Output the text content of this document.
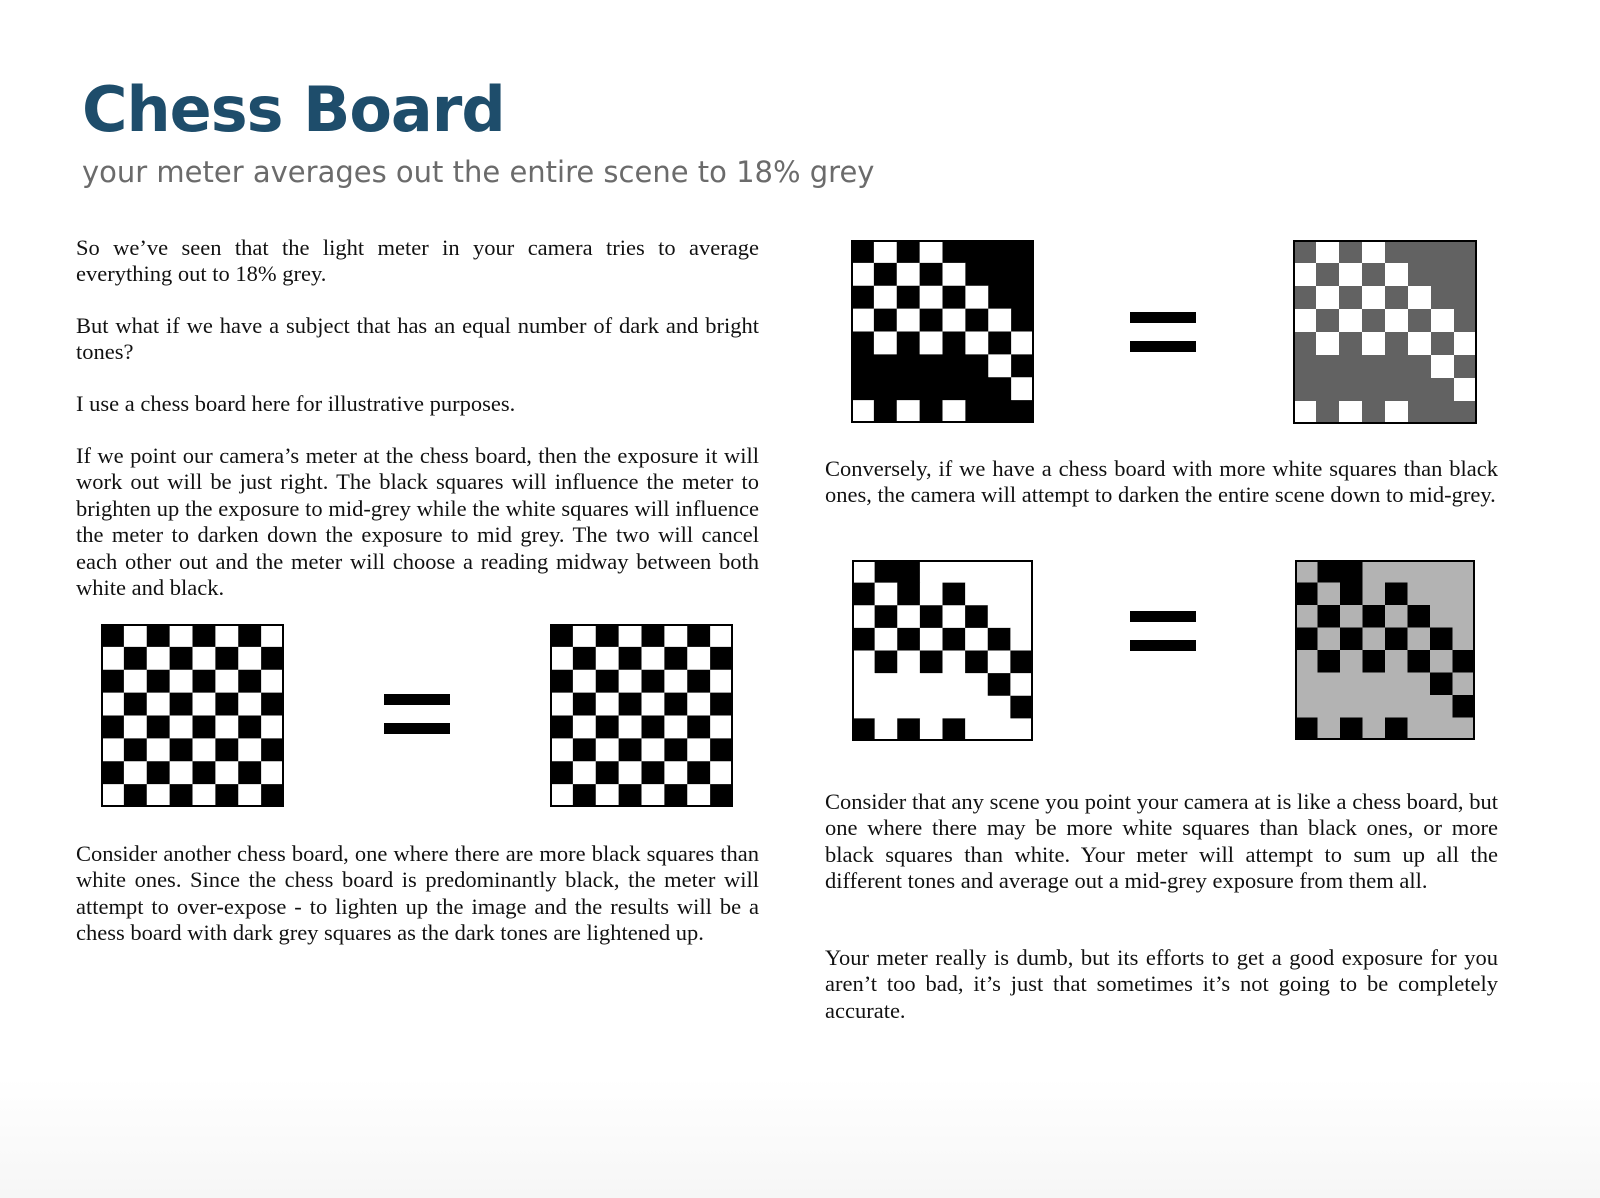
Chess Board

your meter averages out the entire scene to 18% grey

So we’ve seen that the light meter in your camera tries to average everything out to 18% grey.

But what if we have a subject that has an equal number of dark and bright tones?

I use a chess board here for illustrative purposes.

If we point our camera’s meter at the chess board, then the exposure it will work out will be just right. The black squares will influence the meter to brighten up the exposure to mid-grey while the white squares will influence the meter to darken down the exposure to mid grey. The two will cancel each other out and the meter will choose a reading midway between both white and black.

Consider another chess board, one where there are more black squares than white ones. Since the chess board is predominantly black, the meter will attempt to over-expose - to lighten up the image and the results will be a chess board with dark grey squares as the dark tones are lightened up.

Conversely, if we have a chess board with more white squares than black ones, the camera will attempt to darken the entire scene down to mid-grey.

Consider that any scene you point your camera at is like a chess board, but one where there may be more white squares than black ones, or more black squares than white. Your meter will attempt to sum up all the different tones and average out a mid-grey exposure from them all.

Your meter really is dumb, but its efforts to get a good exposure for you aren’t too bad, it’s just that sometimes it’s not going to be completely accurate.
